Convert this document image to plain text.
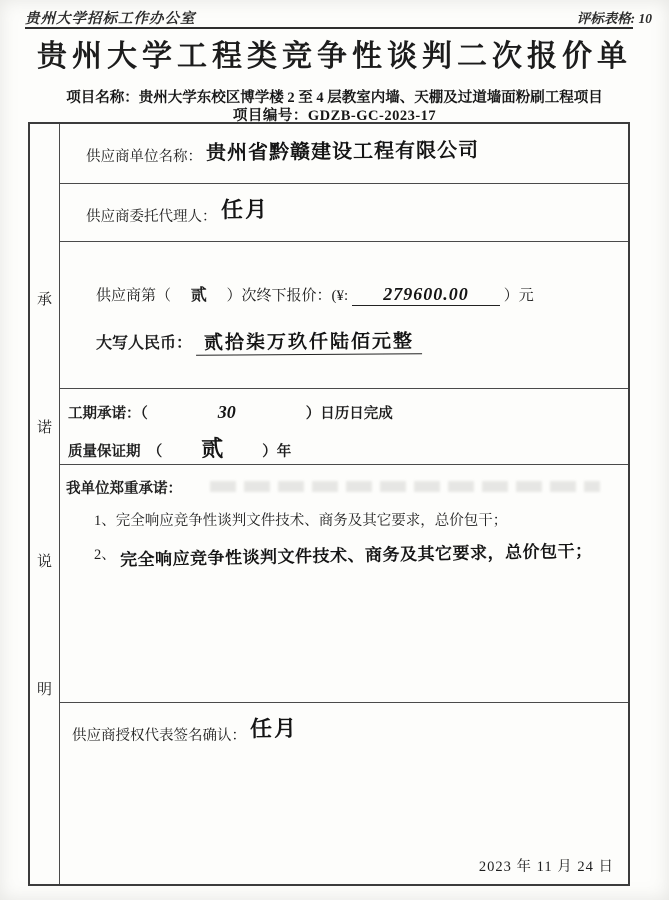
贵州大学招标工作办公室	评标表格: 10
贵州大学工程类竞争性谈判二次报价单
项目名称：贵州大学东校区博学楼 2 至 4 层教室内墙、天棚及过道墙面粉刷工程项目
项目编号：GDZB-GC-2023-17
承
诺
说
明
供应商单位名称： 贵州省黔赣建设工程有限公司
供应商委托代理人： 任月
供应商第（ 贰 ）次终下报价：(¥: 279600.00 ）元
大写人民币： 贰拾柒万玖仟陆佰元整
工期承诺：（	30	）日历日完成
质量保证期　（ 贰	）年
我单位郑重承诺：
1、完全响应竞争性谈判文件技术、商务及其它要求，总价包干；
2、 完全响应竞争性谈判文件技术、商务及其它要求，总价包干；
供应商授权代表签名确认： 任月
2023 年 11 月 24 日
